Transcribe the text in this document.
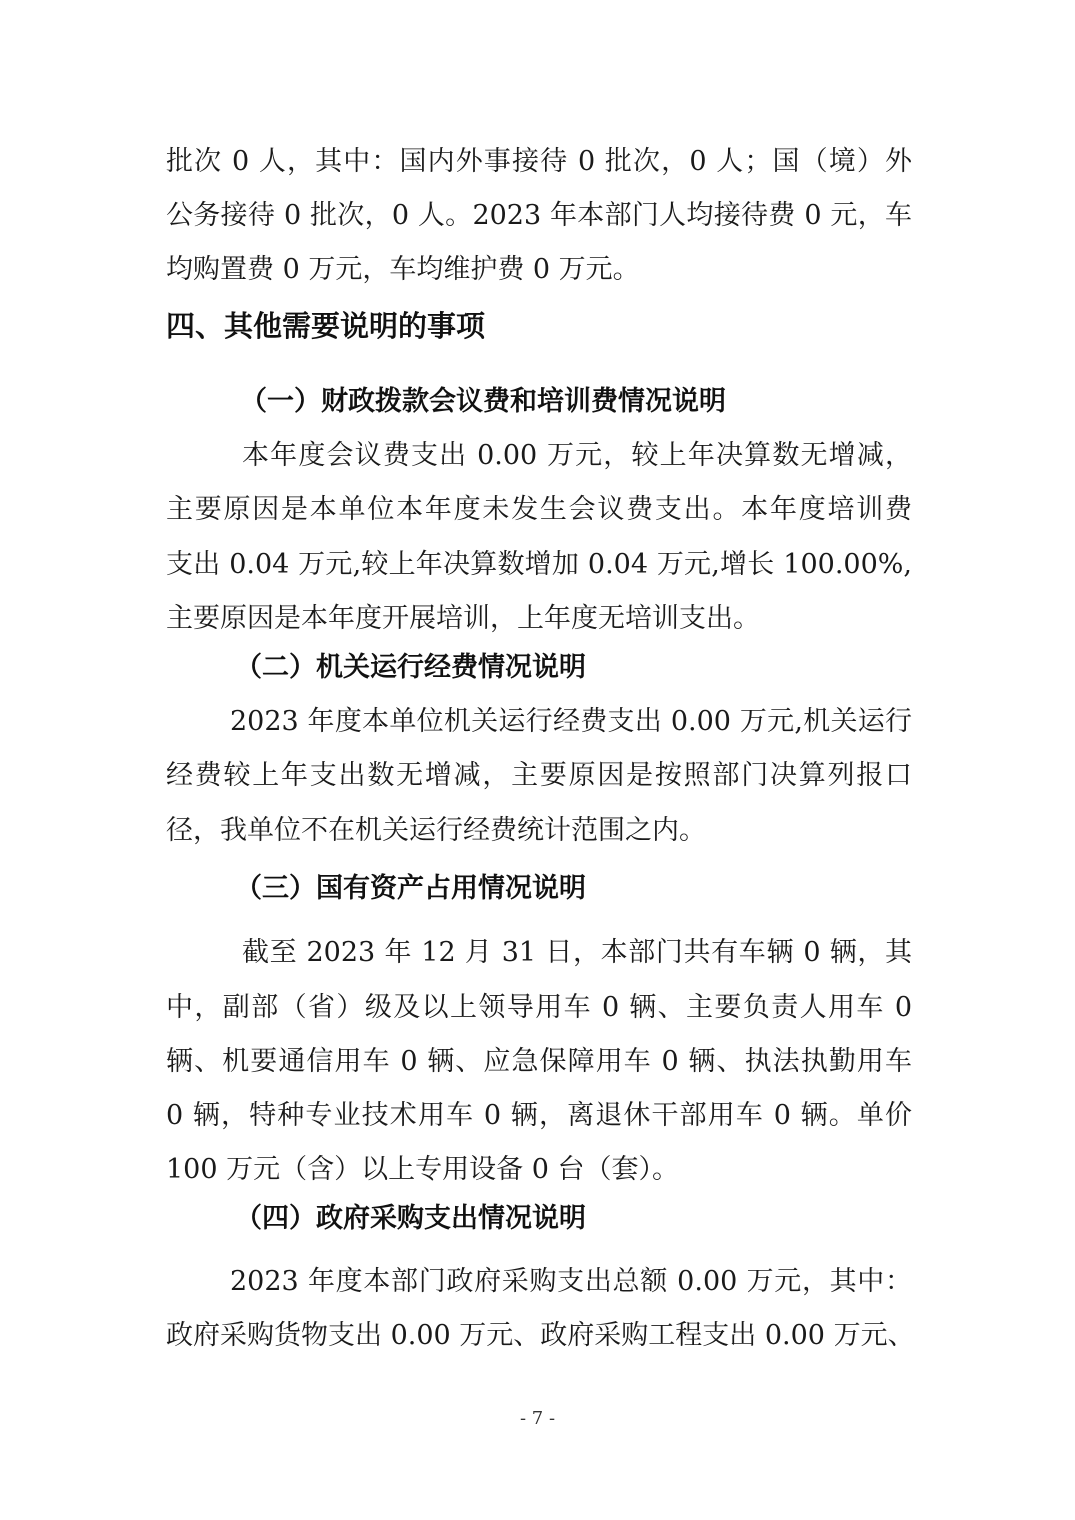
批次 0 人，其中：国内外事接待 0 批次，0 人；国（境）外
公务接待 0 批次，0 人。2023 年本部门人均接待费 0 元，车
均购置费 0 万元，车均维护费 0 万元。
四、其他需要说明的事项
（一）财政拨款会议费和培训费情况说明
本年度会议费支出 0.00 万元，较上年决算数无增减，
主要原因是本单位本年度未发生会议费支出。本年度培训费
支出 0.04 万元,较上年决算数增加 0.04 万元,增长 100.00%,
主要原因是本年度开展培训，上年度无培训支出。
（二）机关运行经费情况说明
2023 年度本单位机关运行经费支出 0.00 万元,机关运行
经费较上年支出数无增减，主要原因是按照部门决算列报口
径，我单位不在机关运行经费统计范围之内。
（三）国有资产占用情况说明
截至 2023 年 12 月 31 日，本部门共有车辆 0 辆，其
中，副部（省）级及以上领导用车 0 辆、主要负责人用车 0
辆、机要通信用车 0 辆、应急保障用车 0 辆、执法执勤用车
0 辆，特种专业技术用车 0 辆，离退休干部用车 0 辆。单价
100 万元（含）以上专用设备 0 台（套）。
（四）政府采购支出情况说明
2023 年度本部门政府采购支出总额 0.00 万元，其中：
政府采购货物支出 0.00 万元、政府采购工程支出 0.00 万元、
- 7 -
